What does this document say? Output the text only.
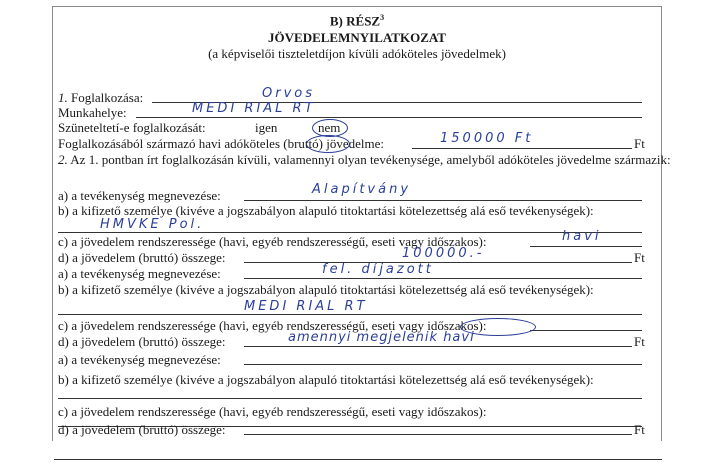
B) RÉSZ$^3$
JÖVEDELEMNYILATKOZAT
(a képviselői tiszteletdíjon kívüli adóköteles jövedelmek)
1. Foglalkozása:	Orvos
Munkahelye:	MEDI RIAL RT
Szüneteltetí-e foglalkozását:	igen	nem
Foglalkozásából származó havi adóköteles (bruttó) jövedelme:	150000 Ft	Ft
2. Az 1. pontban írt foglalkozásán kívüli, valamennyi olyan tevékenysége, amelyből adóköteles jövedelme származik:
a) a tevékenység megnevezése:	Alapítvány
b) a kifizető személye (kivéve a jogszabályon alapuló titoktartási kötelezettség alá eső tevékenységek):
HMVKE Pol.
c) a jövedelem rendszeressége (havi, egyéb rendszerességű, eseti vagy időszakos):	havi
d) a jövedelem (bruttó) összege:	100000.-	Ft
a) a tevékenység megnevezése:	fel. díjazott
b) a kifizető személye (kivéve a jogszabályon alapuló titoktartási kötelezettség alá eső tevékenységek):
MEDI RIAL RT
c) a jövedelem rendszeressége (havi, egyéb rendszerességű, eseti vagy időszakos):
d) a jövedelem (bruttó) összege:	amennyi megjelenik havi	Ft
a) a tevékenység megnevezése:
b) a kifizető személye (kivéve a jogszabályon alapuló titoktartási kötelezettség alá eső tevékenységek):
c) a jövedelem rendszeressége (havi, egyéb rendszerességű, eseti vagy időszakos):
d) a jövedelem (bruttó) összege:	Ft
